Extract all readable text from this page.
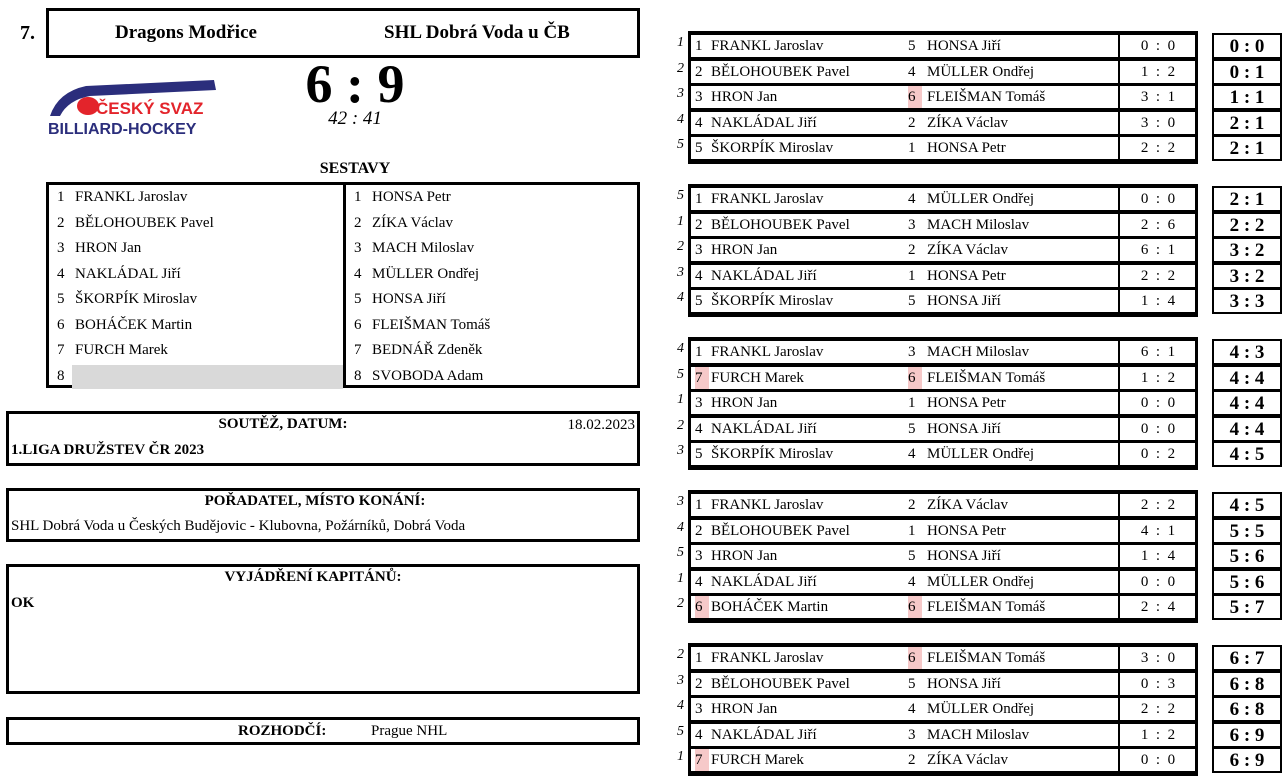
7.	Dragons Modřice	SHL Dobrá Voda u ČB
ČESKÝ SVAZ
BILLIARD-HOCKEY
6 : 9
42 : 41
SESTAVY
1 FRANKL Jaroslav
2 BĚLOHOUBEK Pavel
3 HRON Jan
4 NAKLÁDAL Jiří
5 ŠKORPÍK Miroslav
6 BOHÁČEK Martin
7 FURCH Marek
8
1 HONSA Petr
2 ZÍKA Václav
3 MACH Miloslav
4 MÜLLER Ondřej
5 HONSA Jiří
6 FLEIŠMAN Tomáš
7 BEDNÁŘ Zdeněk
8 SVOBODA Adam
SOUTĚŽ, DATUM:	18.02.2023
1.LIGA DRUŽSTEV ČR 2023
POŘADATEL, MÍSTO KONÁNÍ:
SHL Dobrá Voda u Českých Budějovic - Klubovna, Požárníků, Dobrá Voda
VYJÁDŘENÍ KAPITÁNŮ:
OK
ROZHODČÍ:	Prague NHL
1 1 FRANKL Jaroslav	5 HONSA Jiří	0  :  0	0 : 0
2 2 BĚLOHOUBEK Pavel	4 MÜLLER Ondřej	1  :  2	0 : 1
3 3 HRON Jan	6 FLEIŠMAN Tomáš	3  :  1	1 : 1
4 4 NAKLÁDAL Jiří	2 ZÍKA Václav	3  :  0	2 : 1
5 5 ŠKORPÍK Miroslav	1 HONSA Petr	2  :  2	2 : 1
5 1 FRANKL Jaroslav	4 MÜLLER Ondřej	0  :  0	2 : 1
1 2 BĚLOHOUBEK Pavel	3 MACH Miloslav	2  :  6	2 : 2
2 3 HRON Jan	2 ZÍKA Václav	6  :  1	3 : 2
3 4 NAKLÁDAL Jiří	1 HONSA Petr	2  :  2	3 : 2
4 5 ŠKORPÍK Miroslav	5 HONSA Jiří	1  :  4	3 : 3
4 1 FRANKL Jaroslav	3 MACH Miloslav	6  :  1	4 : 3
5 7 FURCH Marek	6 FLEIŠMAN Tomáš	1  :  2	4 : 4
1 3 HRON Jan	1 HONSA Petr	0  :  0	4 : 4
2 4 NAKLÁDAL Jiří	5 HONSA Jiří	0  :  0	4 : 4
3 5 ŠKORPÍK Miroslav	4 MÜLLER Ondřej	0  :  2	4 : 5
3 1 FRANKL Jaroslav	2 ZÍKA Václav	2  :  2	4 : 5
4 2 BĚLOHOUBEK Pavel	1 HONSA Petr	4  :  1	5 : 5
5 3 HRON Jan	5 HONSA Jiří	1  :  4	5 : 6
1 4 NAKLÁDAL Jiří	4 MÜLLER Ondřej	0  :  0	5 : 6
2 6 BOHÁČEK Martin	6 FLEIŠMAN Tomáš	2  :  4	5 : 7
2 1 FRANKL Jaroslav	6 FLEIŠMAN Tomáš	3  :  0	6 : 7
3 2 BĚLOHOUBEK Pavel	5 HONSA Jiří	0  :  3	6 : 8
4 3 HRON Jan	4 MÜLLER Ondřej	2  :  2	6 : 8
5 4 NAKLÁDAL Jiří	3 MACH Miloslav	1  :  2	6 : 9
1 7 FURCH Marek	2 ZÍKA Václav	0  :  0	6 : 9
